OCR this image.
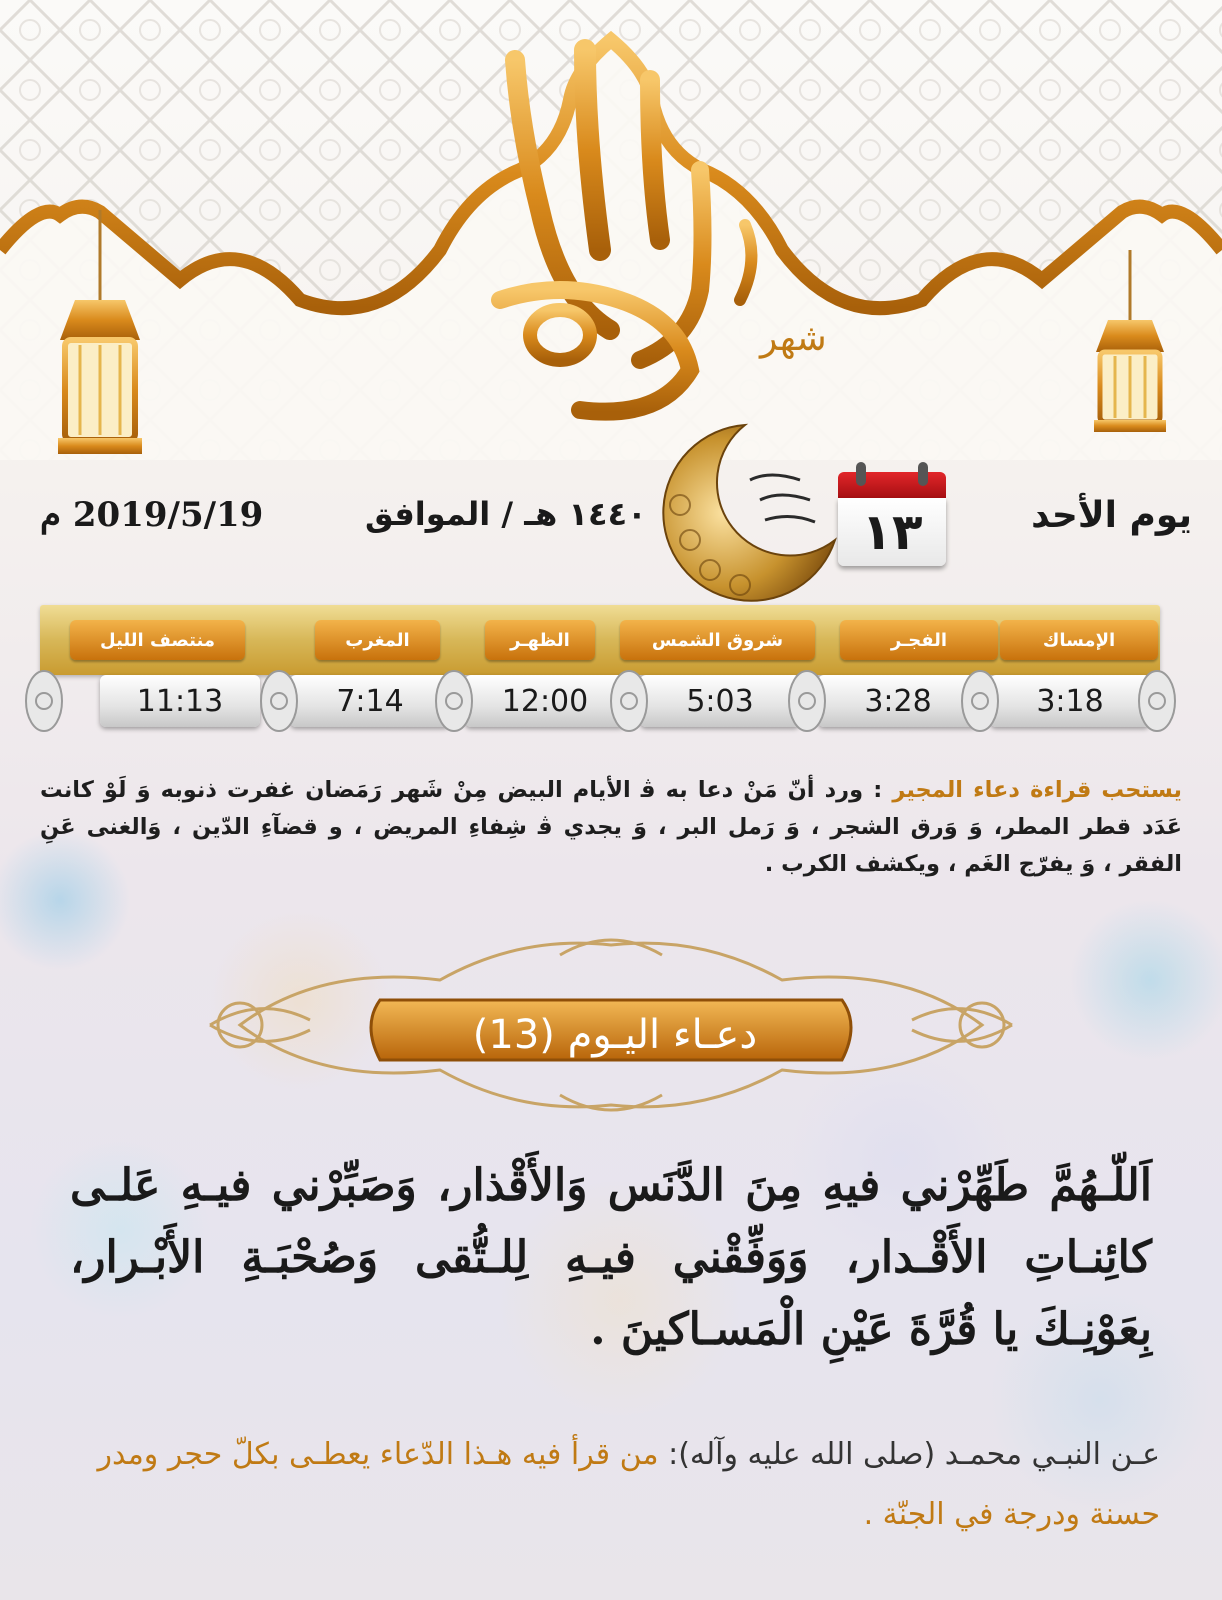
شهر
يوم الأحد
١٣
١٤٤٠ هـ / الموافق
2019/5/19 م
الإمساك
الفجـر
شروق الشمس
الظهـر
المغرب
منتصف الليل
3:18
3:28
5:03
12:00
7:14
11:13
يستحب قراءة دعاء المجير : ورد أنّ مَنْ دعا به ﭬ الأيام البيض مِنْ شَهر رَمَضان غفرت ذنوبه وَ لَوْ كانت عَدَد قطر المطر، وَ وَرق الشجر ، وَ رَمل البر ، وَ يجدي ﭬ شِفاءِ المريض ، و قضآءِ الدّين ، وَالغنى عَنِ الفقر ، وَ يفرّج الغَم ، ويكشف الكرب .
دعـاء اليـوم (13)
اَللّـهُمَّ طَهِّرْني فيهِ مِنَ الدَّنَس وَالأَقْذار، وَصَبِّرْني فيـهِ عَلـى كائِنـاتِ الأَقْـدار، وَوَفِّقْني فيـهِ لِلـتُّقى وَصُحْبَـةِ الأَبْـرار، بِعَوْنِـكَ يا قُرَّةَ عَيْنِ الْمَسـاكينَ .
عـن النبـي محمـد (صلى الله عليه وآله): من قرأ فيه هـذا الدّعاء يعطـى بكلّ حجر ومدر حسنة ودرجة في الجنّة .
